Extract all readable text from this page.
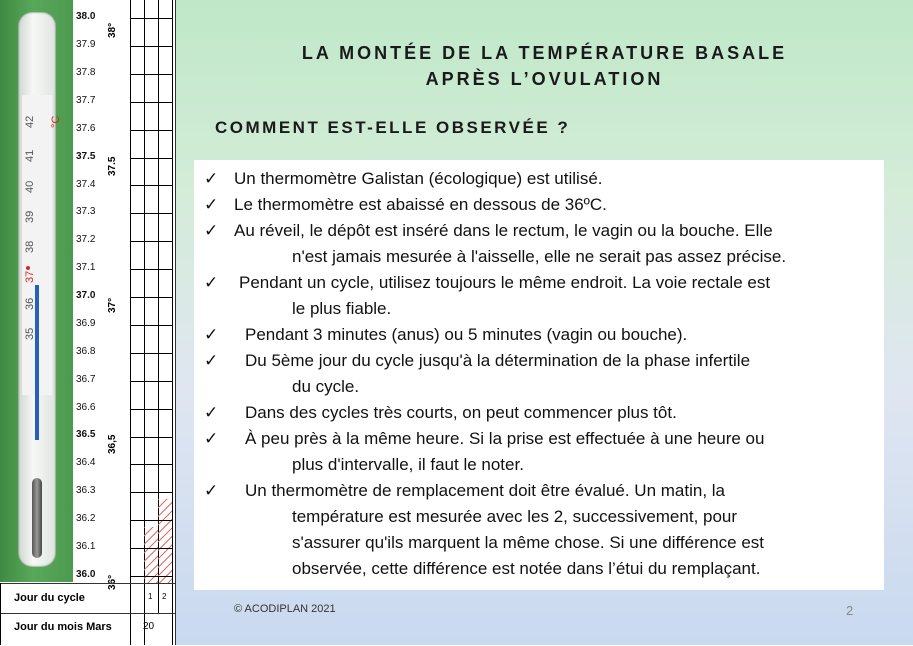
42 °C
41
40
39
38
37
36
35
38.0
37.9
37.8
37.7
37.6
37.5
37.4
37.3
37.2
37.1
37.0
36.9
36.8
36.7
36.6
36.5
36.4
36.3
36.2
36.1
36.0
38°
37.5
37°
36,5
36°
Jour du cycle	1 2
Jour du mois Mars	20
LA MONTÉE DE LA TEMPÉRATURE BASALE
APRÈS L’OVULATION
COMMENT EST-ELLE OBSERVÉE ?
✓ Un thermomètre Galistan (écologique) est utilisé.
✓ Le thermomètre est abaissé en dessous de 36ºC.
✓ Au réveil, le dépôt est inséré dans le rectum, le vagin ou la bouche. Elle
n'est jamais mesurée à l'aisselle, elle ne serait pas assez précise.
✓	Pendant un cycle, utilisez toujours le même endroit. La voie rectale est
le plus fiable.
✓	Pendant 3 minutes (anus) ou 5 minutes (vagin ou bouche).
✓	Du 5ème jour du cycle jusqu'à la détermination de la phase infertile
du cycle.
✓	Dans des cycles très courts, on peut commencer plus tôt.
✓	À peu près à la même heure. Si la prise est effectuée à une heure ou
plus d'intervalle, il faut le noter.
✓	Un thermomètre de remplacement doit être évalué. Un matin, la
température est mesurée avec les 2, successivement, pour
s'assurer qu'ils marquent la même chose. Si une différence est
observée, cette différence est notée dans l’étui du remplaçant.
© ACODIPLAN 2021	2
